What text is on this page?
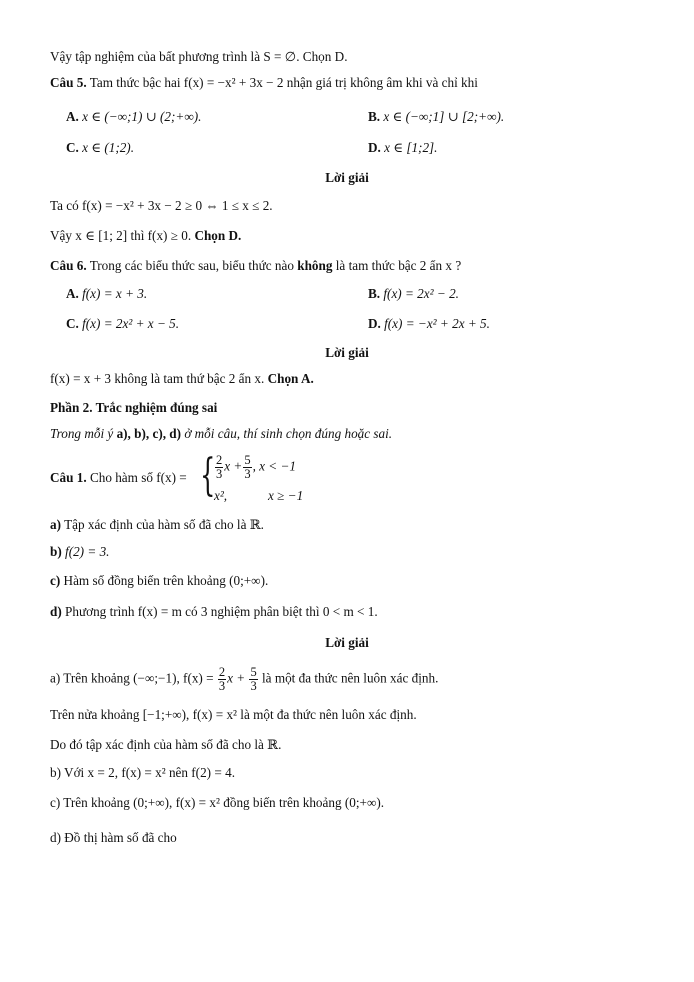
Vậy tập nghiệm của bất phương trình là S = ∅. Chọn D.
Câu 5. Tam thức bậc hai f(x) = −x² + 3x − 2 nhận giá trị không âm khi và chỉ khi
A. x ∈ (−∞;1) ∪ (2;+∞).	B. x ∈ (−∞;1] ∪ [2;+∞).
C. x ∈ (1;2).	D. x ∈ [1;2].
Lời giải
Ta có f(x) = −x² + 3x − 2 ≥ 0 ⇔ 1 ≤ x ≤ 2.
Vậy x ∈ [1; 2] thì f(x) ≥ 0. Chọn D.
Câu 6. Trong các biểu thức sau, biểu thức nào không là tam thức bậc 2 ẩn x ?
A. f(x) = x + 3.	B. f(x) = 2x² − 2.
C. f(x) = 2x² + x − 5.	D. f(x) = −x² + 2x + 5.
Lời giải
f(x) = x + 3 không là tam thứ bậc 2 ẩn x. Chọn A.
Phần 2. Trắc nghiệm đúng sai
Trong mỗi ý a), b), c), d) ở mỗi câu, thí sinh chọn đúng hoặc sai.
Câu 1. Cho hàm số f(x) = { $\frac{2}{3}$ $x + \frac{5}{3}$ , x < −1
x²,	x ≥ −1
a) Tập xác định của hàm số đã cho là ℝ.
b) f(2) = 3.
c) Hàm số đồng biến trên khoảng (0;+∞).
d) Phương trình f(x) = m có 3 nghiệm phân biệt thì 0 < m < 1.
Lời giải
a) Trên khoảng (−∞;−1), $f(x) = \frac{2}{3}$ $x + \frac{5}{3}$ là một đa thức nên luôn xác định.
Trên nửa khoảng [−1;+∞), f(x) = x² là một đa thức nên luôn xác định.
Do đó tập xác định của hàm số đã cho là ℝ.
b) Với x = 2, f(x) = x² nên f(2) = 4.
c) Trên khoảng (0;+∞), f(x) = x² đồng biến trên khoảng (0;+∞).
d) Đồ thị hàm số đã cho
